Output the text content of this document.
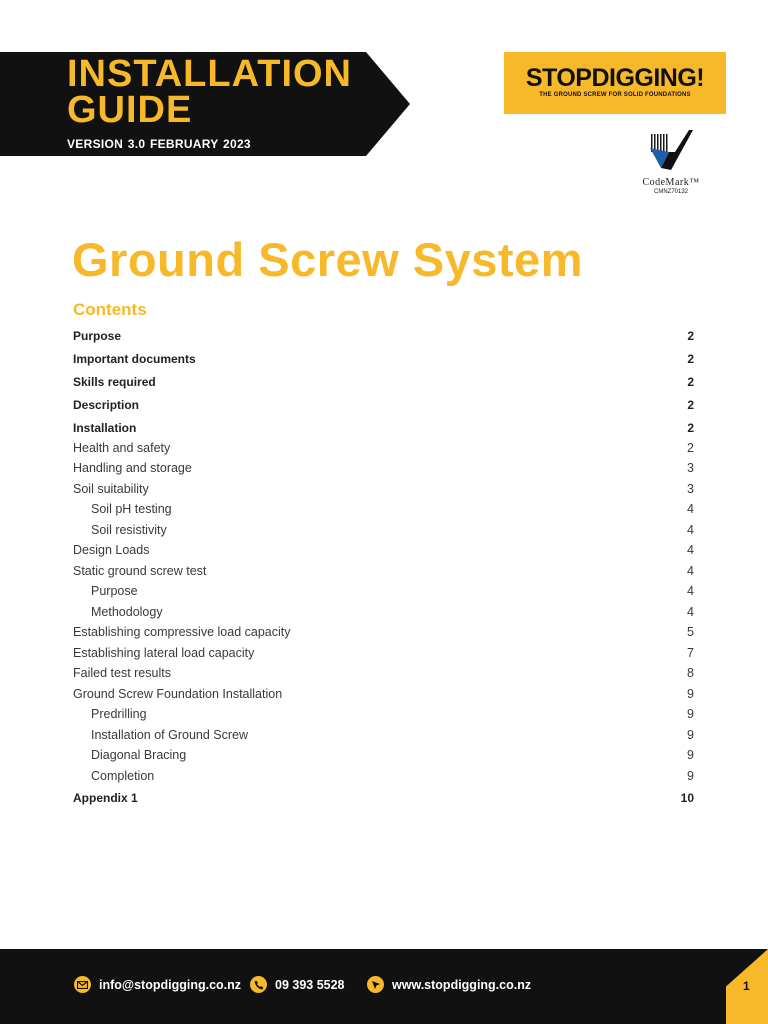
INSTALLATION GUIDE
VERSION 3.0 FEBRUARY 2023
STOPDIGGING!
THE GROUND SCREW FOR SOLID FOUNDATIONS
CodeMark™
CMNZ70132
Ground Screw System
Contents
Purpose	2
Important documents	2
Skills required	2
Description	2
Installation	2
Health and safety	2
Handling and storage	3
Soil suitability	3
Soil pH testing	4
Soil resistivity	4
Design Loads	4
Static ground screw test	4
Purpose	4
Methodology	4
Establishing compressive load capacity	5
Establishing lateral load capacity	7
Failed test results	8
Ground Screw Foundation Installation	9
Predrilling	9
Installation of Ground Screw	9
Diagonal Bracing	9
Completion	9
Appendix 1	10
info@stopdigging.co.nz	09 393 5528	www.stopdigging.co.nz	1
